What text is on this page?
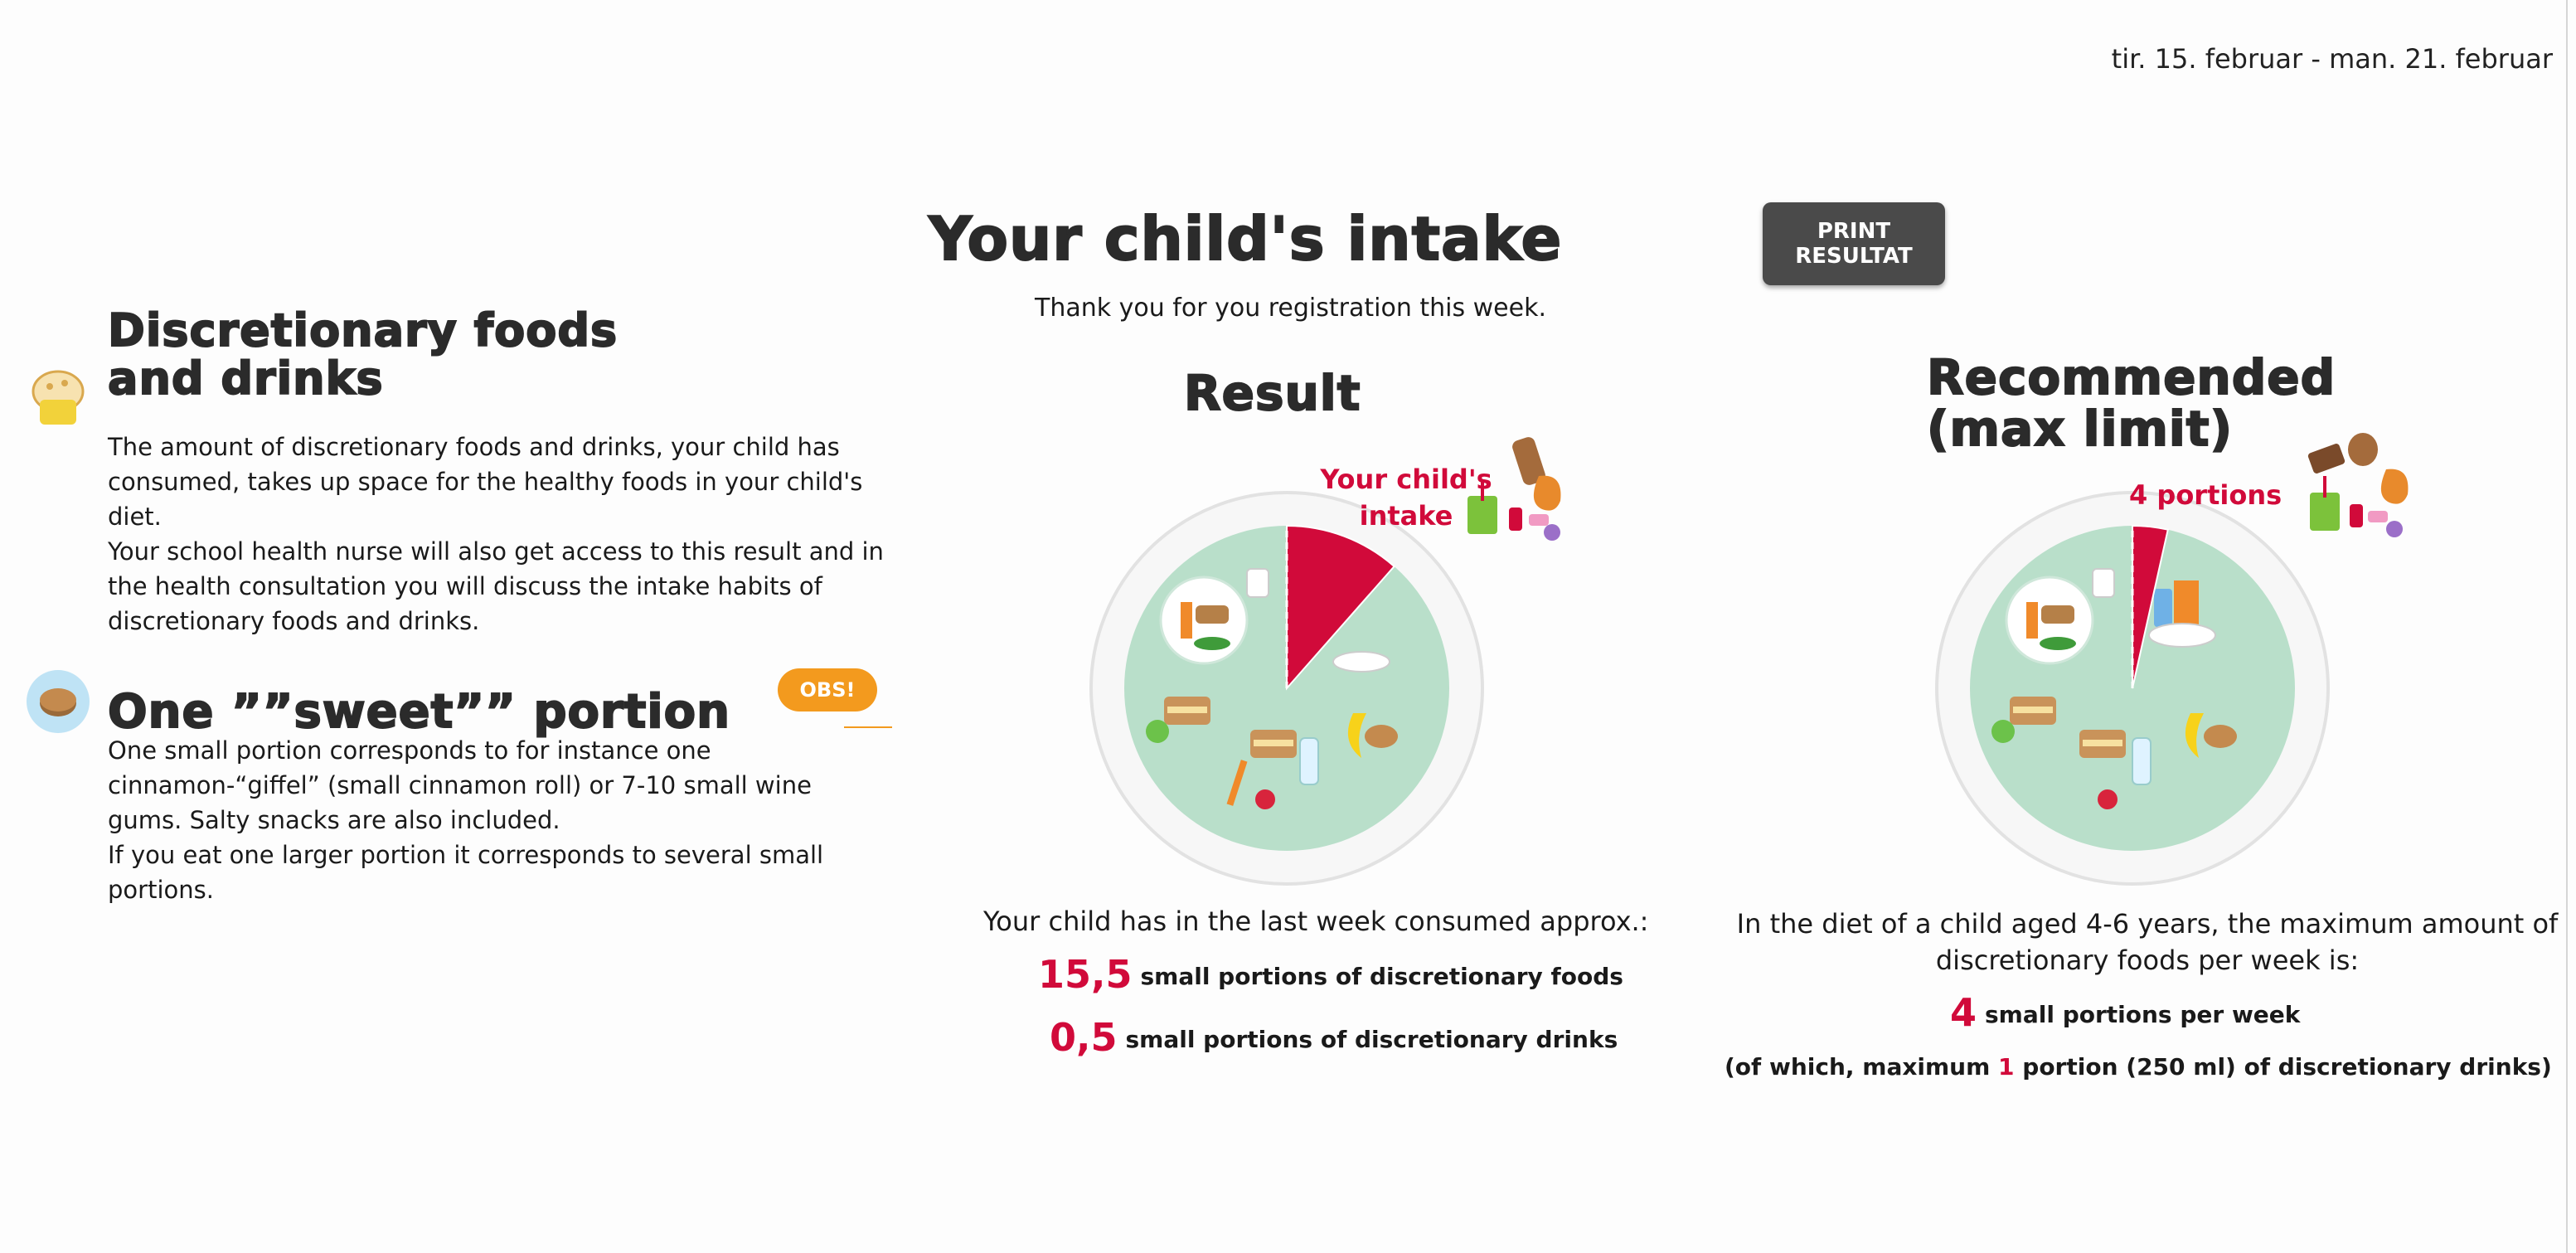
tir. 15. februar - man. 21. februar
Your child's intake	PRINT
RESULTAT
Thank you for you registration this week.
Discretionary foods
and drinks

The amount of discretionary foods and drinks, your child has consumed, takes up space for the healthy foods in your child's diet.

Your school health nurse will also get access to this result and in the health consultation you will discuss the intake habits of discretionary foods and drinks.

One ””sweet”” portion	OBS!

One small portion corresponds to for instance one cinnamon-“giffel” (small cinnamon roll) or 7-10 small wine gums. Salty snacks are also included.

If you eat one larger portion it corresponds to several small portions.

Result
Your child's intake
Your child has in the last week consumed approx.:
15,5 small portions of discretionary foods
0,5 small portions of discretionary drinks
Recommended
(max limit)
4 portions
In the diet of a child aged 4-6 years, the maximum amount of discretionary foods per week is:
4 small portions per week
(of which, maximum 1 portion (250 ml) of discretionary drinks)
